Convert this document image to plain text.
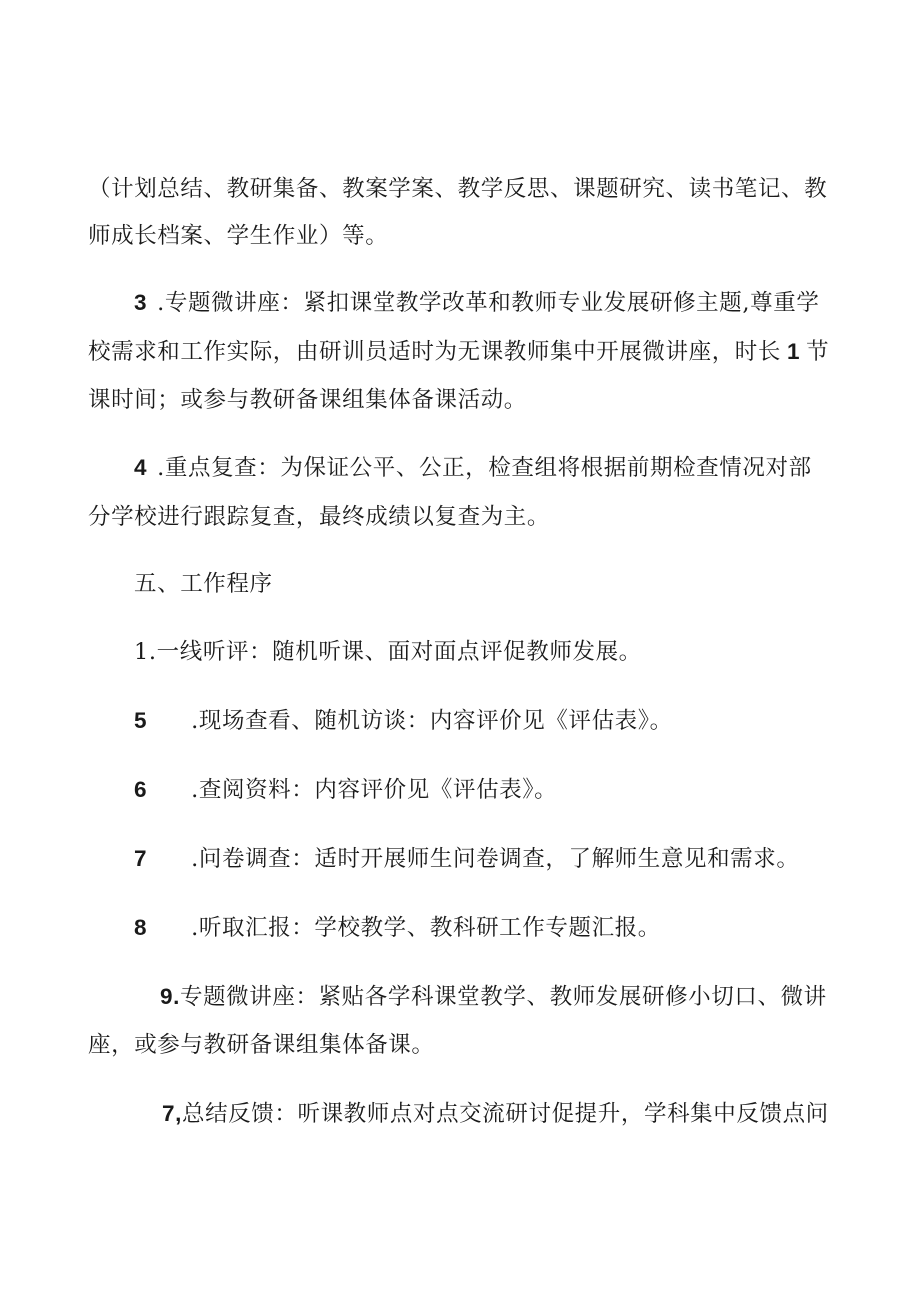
（计划总结、教研集备、教案学案、教学反思、课题研究、读书笔记、教
师成长档案、学生作业）等。
3 .专题微讲座：紧扣课堂教学改革和教师专业发展研修主题,尊重学
校需求和工作实际，由研训员适时为无课教师集中开展微讲座，时长 1 节
课时间；或参与教研备课组集体备课活动。
4 .重点复查：为保证公平、公正，检查组将根据前期检查情况对部
分学校进行跟踪复查，最终成绩以复查为主。
五、工作程序
1.一线听评：随机听课、面对面点评促教师发展。
5 .现场查看、随机访谈：内容评价见《评估表》。
6 .查阅资料：内容评价见《评估表》。
7 .问卷调查：适时开展师生问卷调查，了解师生意见和需求。
8 .听取汇报：学校教学、教科研工作专题汇报。
9.专题微讲座：紧贴各学科课堂教学、教师发展研修小切口、微讲
座，或参与教研备课组集体备课。
7,总结反馈：听课教师点对点交流研讨促提升，学科集中反馈点问
